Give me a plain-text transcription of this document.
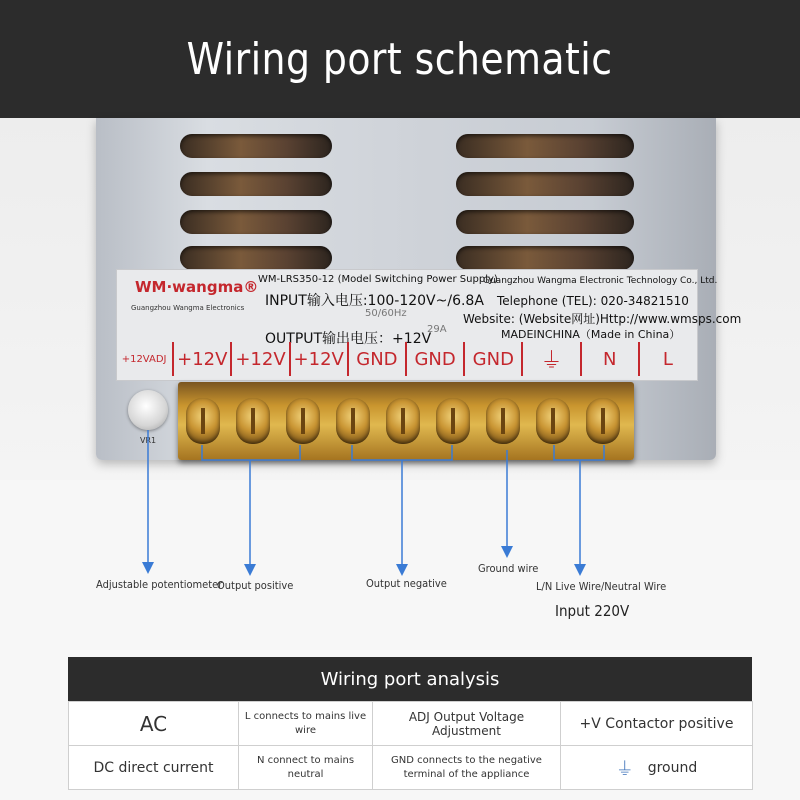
Wiring port schematic
WM·wangma®
Guangzhou Wangma Electronics
WM-LRS350-12 (Model Switching Power Supply)
INPUT输入电压:100-120V~/6.8A
OUTPUT输出电压：+12V
50/60Hz
29A
Guangzhou Wangma Electronic Technology Co., Ltd.
Telephone (TEL): 020-34821510
Website: (Website网址)Http://www.wmsps.com
MADEINCHINA（Made in China）
+12VADJ +12V +12V +12V GND GND GND	⏚	N	L
VR1
Adjustable potentiometer
Output positive	Output negative
Ground wire
L/N Live Wire/Neutral Wire
Input 220V
Wiring port analysis
AC	L connects to mains live wire	ADJ Output Voltage Adjustment	+V Contactor positive
DC direct current	N connect to mains neutral	GND connects to the negative terminal of the appliance	⏚ ground
